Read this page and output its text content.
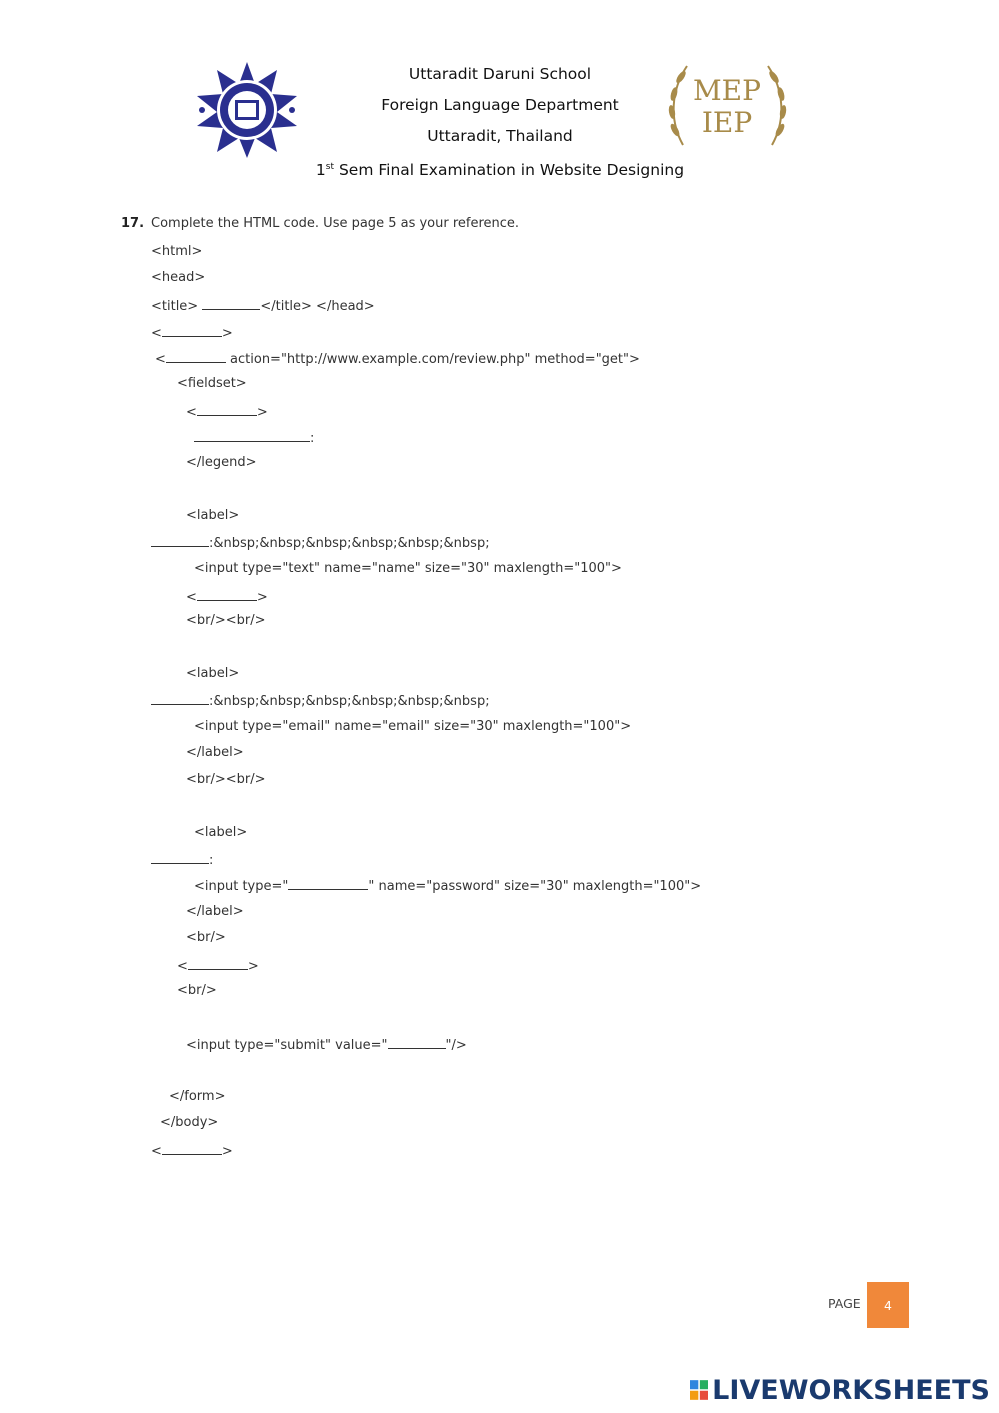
MEP
IEP
Uttaradit Daruni School
Foreign Language Department
Uttaradit, Thailand
1st Sem Final Examination in Website Designing
17. Complete the HTML code. Use page 5 as your reference.
<html>
<head>
<title>	</title> </head>
<	>
<	action="http://www.example.com/review.php" method="get">
<fieldset>
<	>
:
</legend>
<label>
:&nbsp;&nbsp;&nbsp;&nbsp;&nbsp;&nbsp;
<input type="text" name="name" size="30" maxlength="100">
<	>
<br/><br/>
<label>
:&nbsp;&nbsp;&nbsp;&nbsp;&nbsp;&nbsp;
<input type="email" name="email" size="30" maxlength="100">
</label>
<br/><br/>
<label>
:
<input type="	" name="password" size="30" maxlength="100">
</label>
<br/>
<	>
<br/>
<input type="submit" value="	"/>
</form>
</body>
<	>
PAGE	4
LIVEWORKSHEETS
